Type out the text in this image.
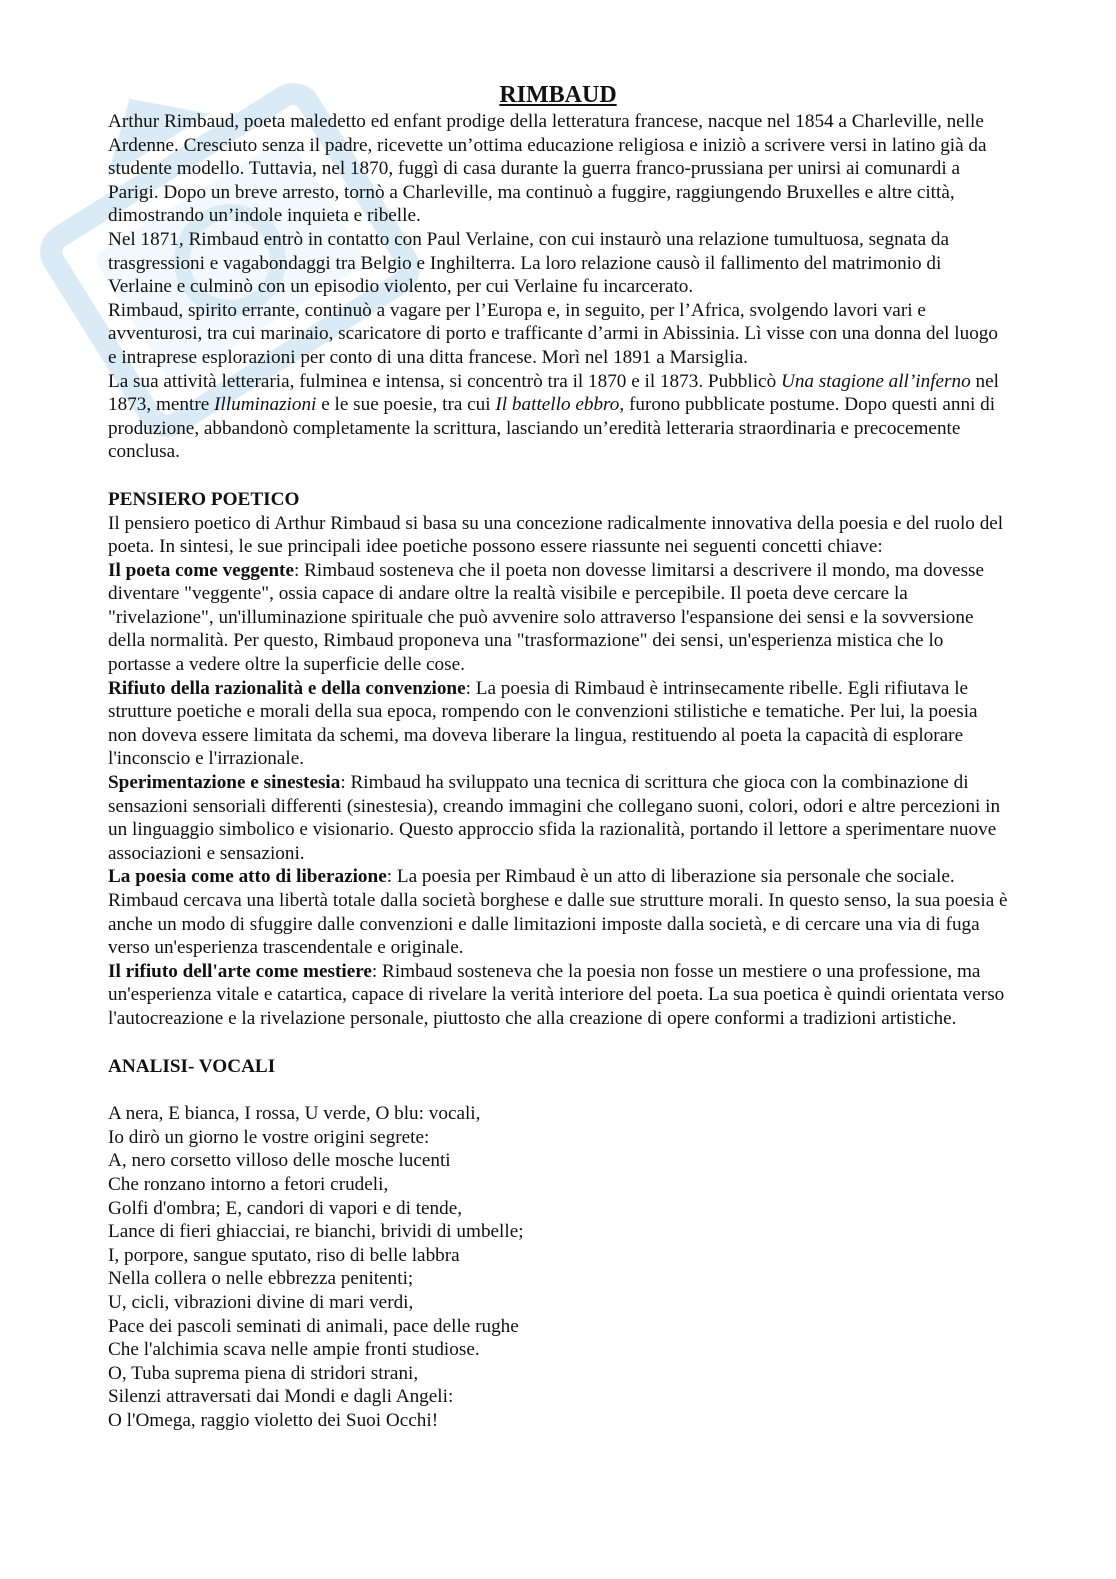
RIMBAUD

Arthur Rimbaud, poeta maledetto ed enfant prodige della letteratura francese, nacque nel 1854 a Charleville, nelle Ardenne. Cresciuto senza il padre, ricevette un’ottima educazione religiosa e iniziò a scrivere versi in latino già da studente modello. Tuttavia, nel 1870, fuggì di casa durante la guerra franco-prussiana per unirsi ai comunardi a Parigi. Dopo un breve arresto, tornò a Charleville, ma continuò a fuggire, raggiungendo Bruxelles e altre città, dimostrando un’indole inquieta e ribelle.

Nel 1871, Rimbaud entrò in contatto con Paul Verlaine, con cui instaurò una relazione tumultuosa, segnata da trasgressioni e vagabondaggi tra Belgio e Inghilterra. La loro relazione causò il fallimento del matrimonio di Verlaine e culminò con un episodio violento, per cui Verlaine fu incarcerato.

Rimbaud, spirito errante, continuò a vagare per l’Europa e, in seguito, per l’Africa, svolgendo lavori vari e avventurosi, tra cui marinaio, scaricatore di porto e trafficante d’armi in Abissinia. Lì visse con una donna del luogo e intraprese esplorazioni per conto di una ditta francese. Morì nel 1891 a Marsiglia.

La sua attività letteraria, fulminea e intensa, si concentrò tra il 1870 e il 1873. Pubblicò Una stagione all’inferno nel 1873, mentre Illuminazioni e le sue poesie, tra cui Il battello ebbro, furono pubblicate postume. Dopo questi anni di produzione, abbandonò completamente la scrittura, lasciando un’eredità letteraria straordinaria e precocemente conclusa.

PENSIERO POETICO

Il pensiero poetico di Arthur Rimbaud si basa su una concezione radicalmente innovativa della poesia e del ruolo del poeta. In sintesi, le sue principali idee poetiche possono essere riassunte nei seguenti concetti chiave:

Il poeta come veggente: Rimbaud sosteneva che il poeta non dovesse limitarsi a descrivere il mondo, ma dovesse diventare "veggente", ossia capace di andare oltre la realtà visibile e percepibile. Il poeta deve cercare la "rivelazione", un'illuminazione spirituale che può avvenire solo attraverso l'espansione dei sensi e la sovversione della normalità. Per questo, Rimbaud proponeva una "trasformazione" dei sensi, un'esperienza mistica che lo portasse a vedere oltre la superficie delle cose.

Rifiuto della razionalità e della convenzione: La poesia di Rimbaud è intrinsecamente ribelle. Egli rifiutava le strutture poetiche e morali della sua epoca, rompendo con le convenzioni stilistiche e tematiche. Per lui, la poesia non doveva essere limitata da schemi, ma doveva liberare la lingua, restituendo al poeta la capacità di esplorare l'inconscio e l'irrazionale.

Sperimentazione e sinestesia: Rimbaud ha sviluppato una tecnica di scrittura che gioca con la combinazione di sensazioni sensoriali differenti (sinestesia), creando immagini che collegano suoni, colori, odori e altre percezioni in un linguaggio simbolico e visionario. Questo approccio sfida la razionalità, portando il lettore a sperimentare nuove associazioni e sensazioni.

La poesia come atto di liberazione: La poesia per Rimbaud è un atto di liberazione sia personale che sociale. Rimbaud cercava una libertà totale dalla società borghese e dalle sue strutture morali. In questo senso, la sua poesia è anche un modo di sfuggire dalle convenzioni e dalle limitazioni imposte dalla società, e di cercare una via di fuga verso un'esperienza trascendentale e originale.

Il rifiuto dell'arte come mestiere: Rimbaud sosteneva che la poesia non fosse un mestiere o una professione, ma un'esperienza vitale e catartica, capace di rivelare la verità interiore del poeta. La sua poetica è quindi orientata verso l'autocreazione e la rivelazione personale, piuttosto che alla creazione di opere conformi a tradizioni artistiche.

ANALISI- VOCALI

A nera, E bianca, I rossa, U verde, O blu: vocali,
Io dirò un giorno le vostre origini segrete:
A, nero corsetto villoso delle mosche lucenti
Che ronzano intorno a fetori crudeli,
Golfi d'ombra; E, candori di vapori e di tende,
Lance di fieri ghiacciai, re bianchi, brividi di umbelle;
I, porpore, sangue sputato, riso di belle labbra
Nella collera o nelle ebbrezza penitenti;
U, cicli, vibrazioni divine di mari verdi,
Pace dei pascoli seminati di animali, pace delle rughe
Che l'alchimia scava nelle ampie fronti studiose.
O, Tuba suprema piena di stridori strani,
Silenzi attraversati dai Mondi e dagli Angeli:
O l'Omega, raggio violetto dei Suoi Occhi!
